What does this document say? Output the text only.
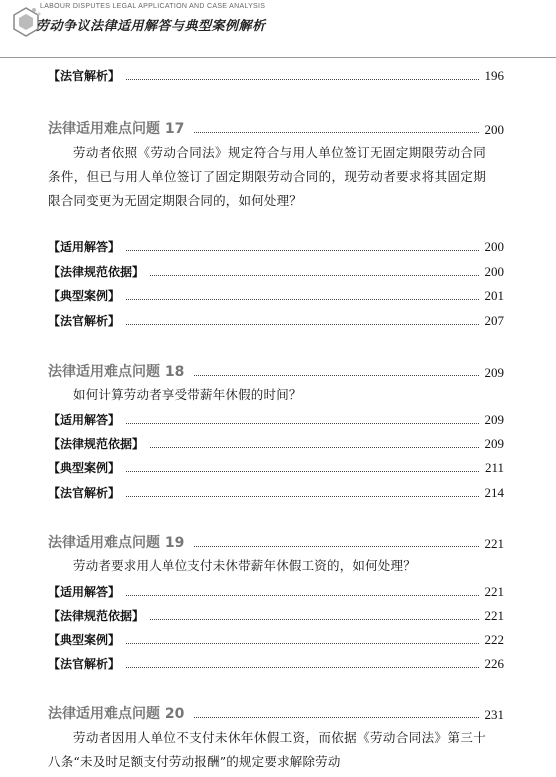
LABOUR DISPUTES LEGAL APPLICATION AND CASE ANALYSIS
劳动争议法律适用解答与典型案例解析
【法官解析】	196
法律适用难点问题 17	200
劳动者依照《劳动合同法》规定符合与用人单位签订无固定期限劳动合同条件，但已与用人单位签订了固定期限劳动合同的，现劳动者要求将其固定期限合同变更为无固定期限合同的，如何处理？
【适用解答】	200
【法律规范依据】	200
【典型案例】	201
【法官解析】	207
法律适用难点问题 18	209
如何计算劳动者享受带薪年休假的时间？
【适用解答】	209
【法律规范依据】	209
【典型案例】	211
【法官解析】	214
法律适用难点问题 19	221
劳动者要求用人单位支付未休带薪年休假工资的，如何处理？
【适用解答】	221
【法律规范依据】	221
【典型案例】	222
【法官解析】	226
法律适用难点问题 20	231
劳动者因用人单位不支付未休年休假工资，而依据《劳动合同法》第三十八条“未及时足额支付劳动报酬”的规定要求解除劳动
